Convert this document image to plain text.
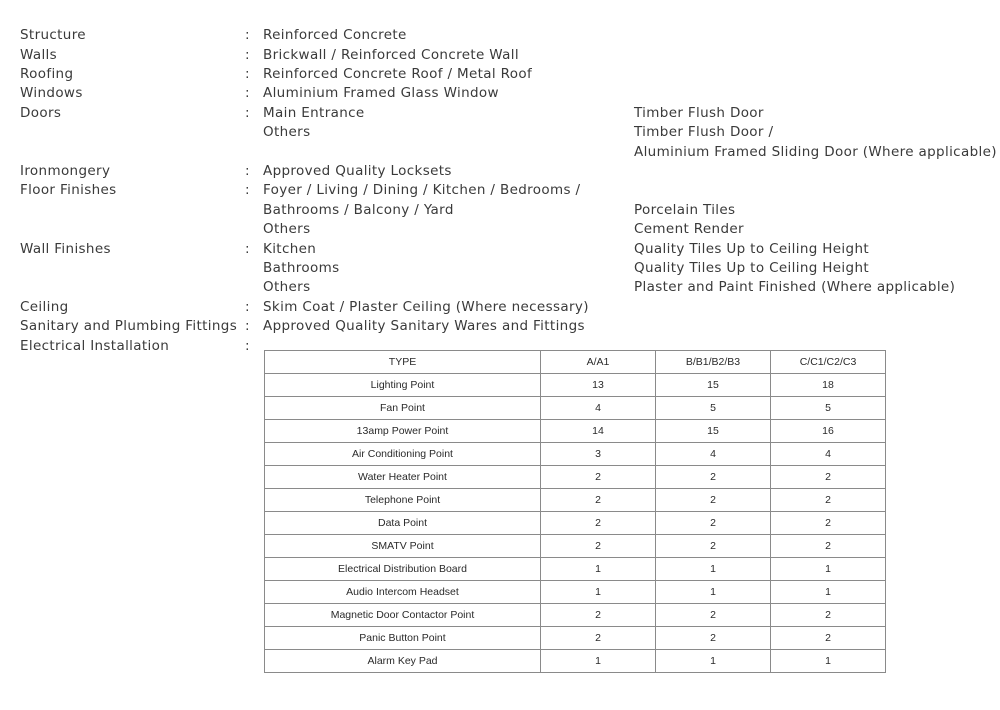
Structure	: Reinforced Concrete
Walls	: Brickwall / Reinforced Concrete Wall
Roofing	: Reinforced Concrete Roof / Metal Roof
Windows	: Aluminium Framed Glass Window
Doors	: Main Entrance	Timber Flush Door
Others	Timber Flush Door /
Aluminium Framed Sliding Door (Where applicable)
Ironmongery	: Approved Quality Locksets
Floor Finishes	: Foyer / Living / Dining / Kitchen / Bedrooms /
Bathrooms / Balcony / Yard	Porcelain Tiles
Others	Cement Render
Wall Finishes	: Kitchen	Quality Tiles Up to Ceiling Height
Bathrooms	Quality Tiles Up to Ceiling Height
Others	Plaster and Paint Finished (Where applicable)
Ceiling	: Skim Coat / Plaster Ceiling (Where necessary)
Sanitary and Plumbing Fittings : Approved Quality Sanitary Wares and Fittings
Electrical Installation	:
TYPE	A/A1	B/B1/B2/B3	C/C1/C2/C3
Lighting Point	13	15	18
Fan Point	4	5	5
13amp Power Point	14	15	16
Air Conditioning Point	3	4	4
Water Heater Point	2	2	2
Telephone Point	2	2	2
Data Point	2	2	2
SMATV Point	2	2	2
Electrical Distribution Board	1	1	1
Audio Intercom Headset	1	1	1
Magnetic Door Contactor Point	2	2	2
Panic Button Point	2	2	2
Alarm Key Pad	1	1	1
